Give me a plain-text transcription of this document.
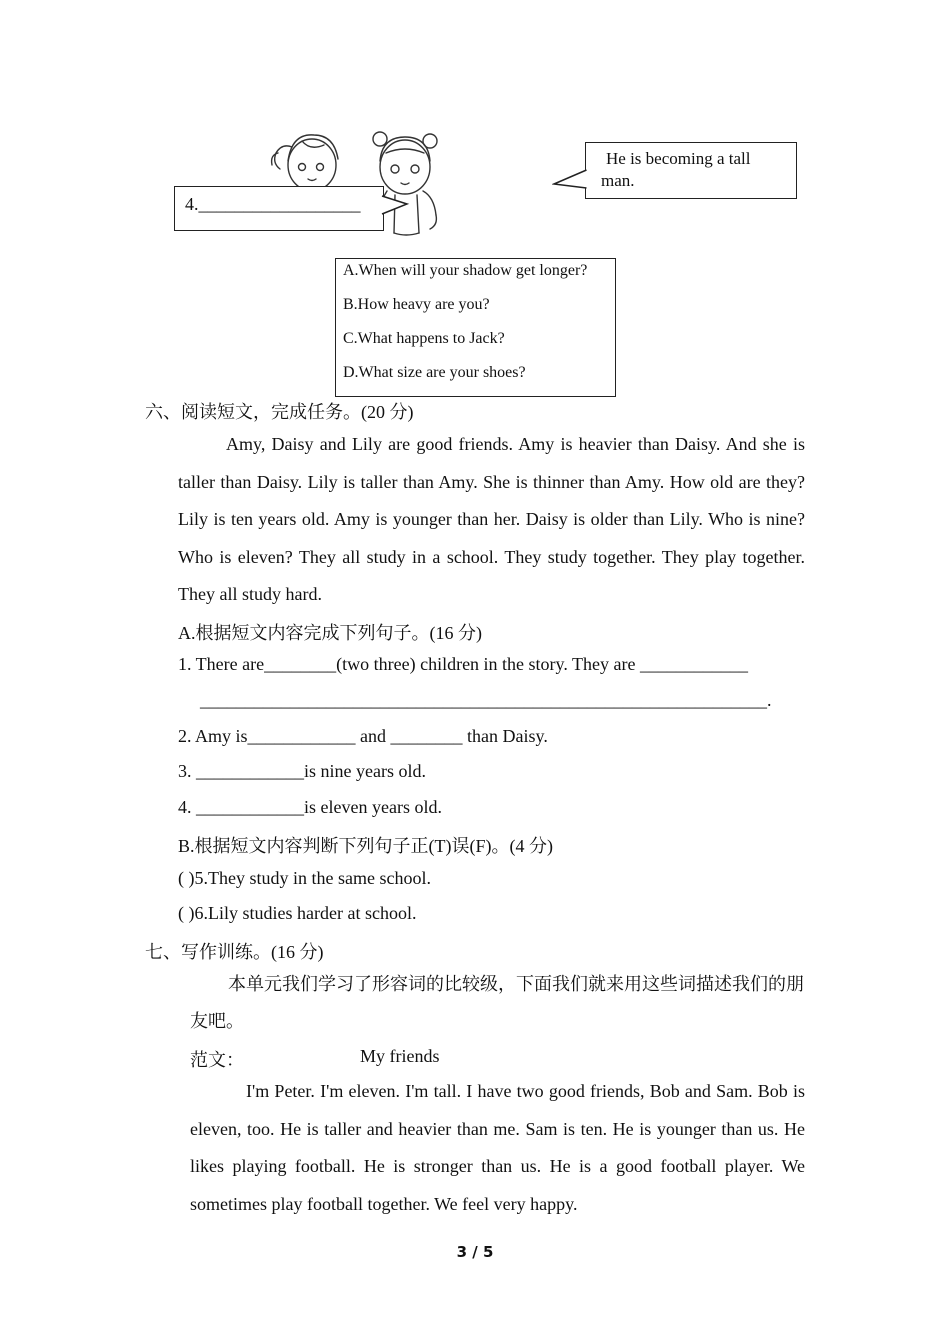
4.__________________
He is becoming a tall man.
A.When will your shadow get longer?
B.How heavy are you?
C.What happens to Jack?
D.What size are your shoes?
六、阅读短文，完成任务。(20 分)
Amy, Daisy and Lily are good friends. Amy is heavier than Daisy. And she is taller than Daisy. Lily is taller than Amy. She is thinner than Amy. How old are they? Lily is ten years old. Amy is younger than her. Daisy is older than Lily. Who is nine? Who is eleven? They all study in a school. They study together. They play together. They all study hard.
A.根据短文内容完成下列句子。(16 分)
1. There are________(two three) children in the story. They are ____________
_______________________________________________________________.
2. Amy is____________ and ________ than Daisy.
3. ____________is nine years old.
4. ____________is eleven years old.
B.根据短文内容判断下列句子正(T)误(F)。(4 分)
( )5.They study in the same school.
( )6.Lily studies harder at school.
七、写作训练。(16 分)
本单元我们学习了形容词的比较级，下面我们就来用这些词描述我们的朋友吧。
范文：	My friends
I'm Peter. I'm eleven. I'm tall. I have two good friends, Bob and Sam. Bob is eleven, too. He is taller and heavier than me. Sam is ten. He is younger than us. He likes playing football. He is stronger than us. He is a good football player. We sometimes play football together. We feel very happy.
3 / 5
